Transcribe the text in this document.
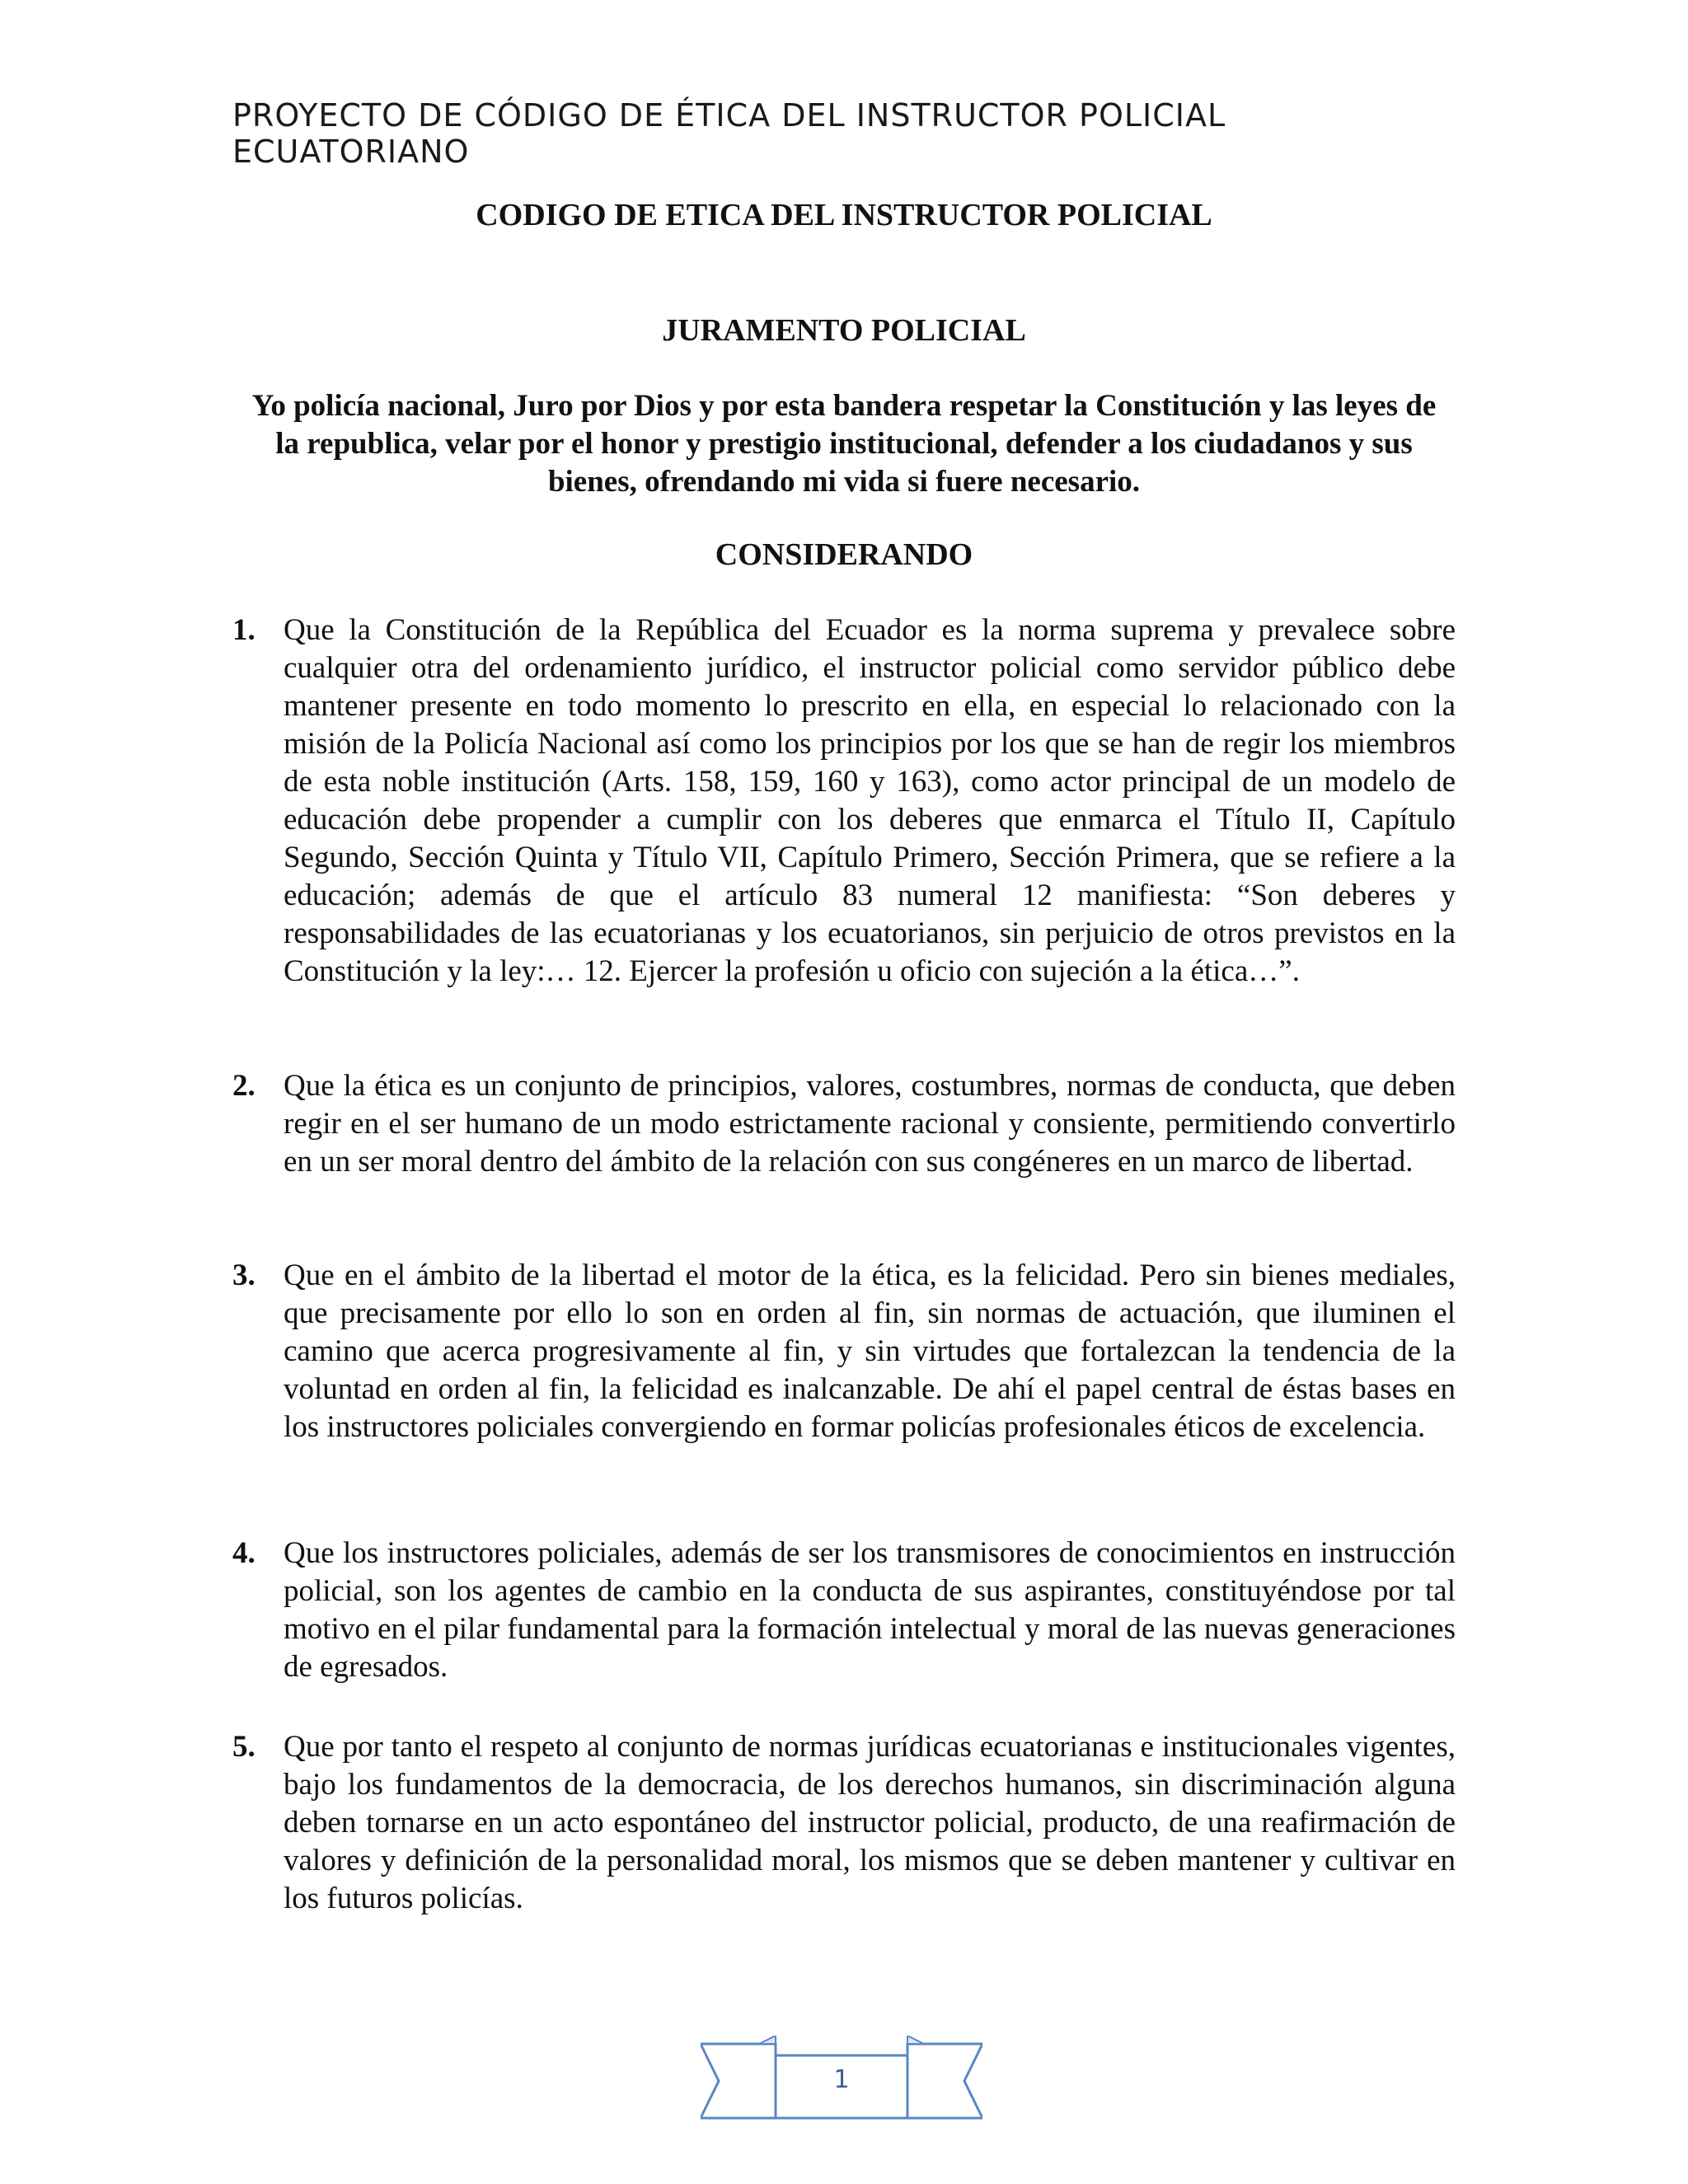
PROYECTO DE CÓDIGO DE ÉTICA DEL INSTRUCTOR POLICIAL ECUATORIANO
CODIGO DE ETICA DEL INSTRUCTOR POLICIAL
JURAMENTO POLICIAL
Yo policía nacional, Juro por Dios y por esta bandera respetar la Constitución y las leyes de la republica, velar por el honor y prestigio institucional, defender a los ciudadanos y sus bienes, ofrendando mi vida si fuere necesario.
CONSIDERANDO
1. Que la Constitución de la República del Ecuador es la norma suprema y prevalece sobre cualquier otra del ordenamiento jurídico, el instructor policial como servidor público debe mantener presente en todo momento lo prescrito en ella, en especial lo relacionado con la misión de la Policía Nacional así como los principios por los que se han de regir los miembros de esta noble institución (Arts. 158, 159, 160 y 163), como actor principal de un modelo de educación debe propender a cumplir con los deberes que enmarca el Título II, Capítulo Segundo, Sección Quinta y Título VII, Capítulo Primero, Sección Primera, que se refiere a la educación; además de que el artículo 83 numeral 12 manifiesta: “Son deberes y responsabilidades de las ecuatorianas y los ecuatorianos, sin perjuicio de otros previstos en la Constitución y la ley:… 12. Ejercer la profesión u oficio con sujeción a la ética…”.
2. Que la ética es un conjunto de principios, valores, costumbres, normas de conducta, que deben regir en el ser humano de un modo estrictamente racional y consiente, permitiendo convertirlo en un ser moral dentro del ámbito de la relación con sus congéneres en un marco de libertad.
3. Que en el ámbito de la libertad el motor de la ética, es la felicidad. Pero sin bienes mediales, que precisamente por ello lo son en orden al fin, sin normas de actuación, que iluminen el camino que acerca progresivamente al fin, y sin virtudes que fortalezcan la tendencia de la voluntad en orden al fin, la felicidad es inalcanzable. De ahí el papel central de éstas bases en los instructores policiales convergiendo en formar policías profesionales éticos de excelencia.
4. Que los instructores policiales, además de ser los transmisores de conocimientos en instrucción policial, son los agentes de cambio en la conducta de sus aspirantes, constituyéndose por tal motivo en el pilar fundamental para la formación intelectual y moral de las nuevas generaciones de egresados.
5. Que por tanto el respeto al conjunto de normas jurídicas ecuatorianas e institucionales vigentes, bajo los fundamentos de la democracia, de los derechos humanos, sin discriminación alguna deben tornarse en un acto espontáneo del instructor policial, producto, de una reafirmación de valores y definición de la personalidad moral, los mismos que se deben mantener y cultivar en los futuros policías.
1
